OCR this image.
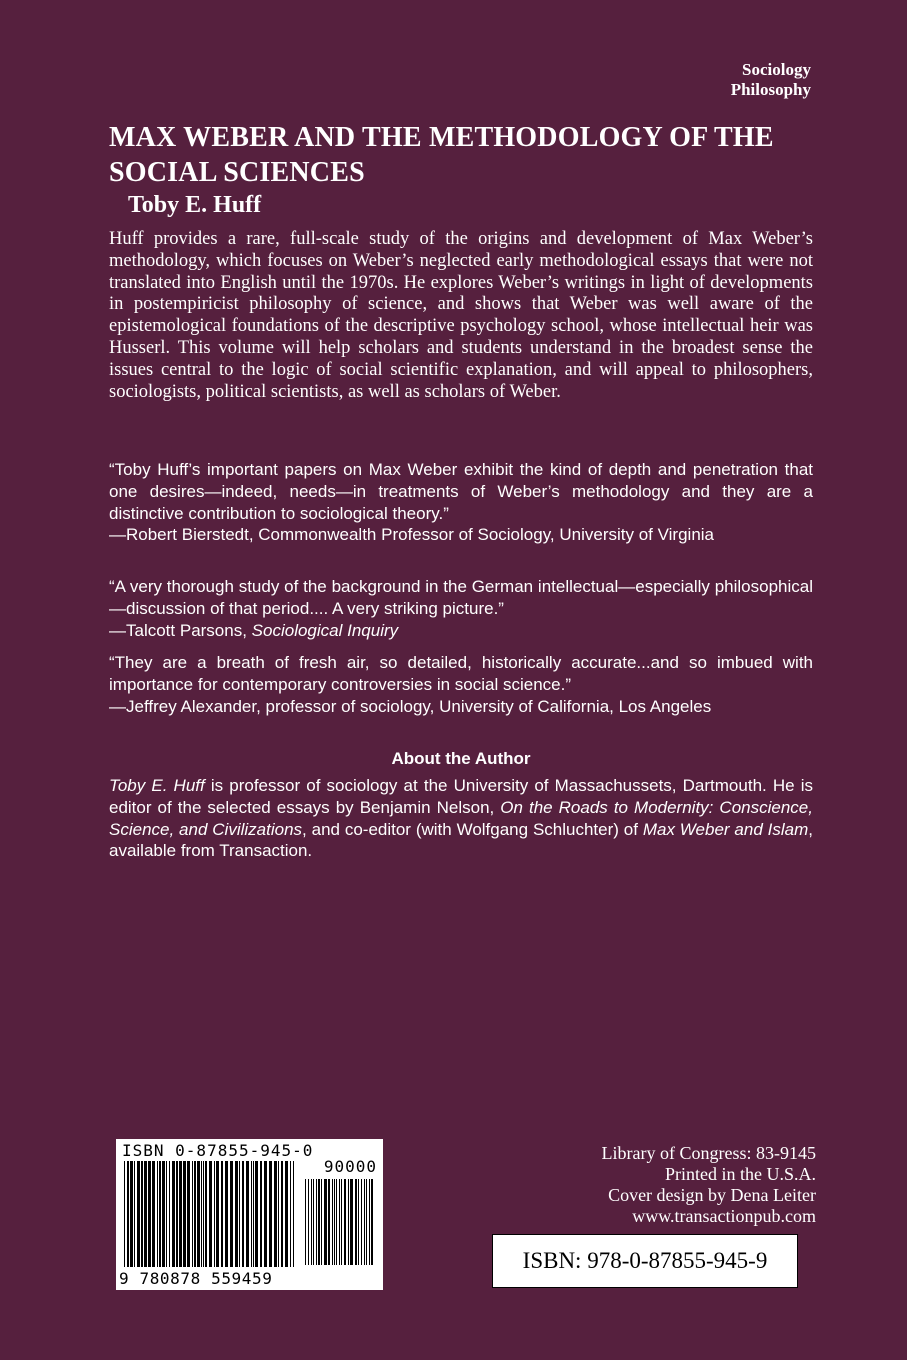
Sociology
Philosophy
MAX WEBER AND THE METHODOLOGY OF THE SOCIAL SCIENCES
Toby E. Huff

Huff provides a rare, full-scale study of the origins and development of Max Weber’s methodology, which focuses on Weber’s neglected early methodological essays that were not translated into English until the 1970s. He explores Weber’s writings in light of developments in postempiricist philosophy of science, and shows that Weber was well aware of the epistemological foundations of the descriptive psychology school, whose intellectual heir was Husserl. This volume will help scholars and students understand in the broadest sense the issues central to the logic of social scientific explanation, and will appeal to philosophers, sociologists, political scientists, as well as scholars of Weber.

“Toby Huff’s important papers on Max Weber exhibit the kind of depth and penetration that one desires—indeed, needs—in treatments of Weber’s methodology and they are a distinctive contribution to sociological theory.”
—Robert Bierstedt, Commonwealth Professor of Sociology, University of Virginia

“A very thorough study of the background in the German intellectual—especially philosophical—discussion of that period.... A very striking picture.”
—Talcott Parsons, Sociological Inquiry

“They are a breath of fresh air, so detailed, historically accurate...and so imbued with importance for contemporary controversies in social science.”
—Jeffrey Alexander, professor of sociology, University of California, Los Angeles

About the Author

Toby E. Huff is professor of sociology at the University of Massachussets, Dartmouth. He is editor of the selected essays by Benjamin Nelson, On the Roads to Modernity: Conscience, Science, and Civilizations, and co-editor (with Wolfgang Schluchter) of Max Weber and Islam, available from Transaction.

ISBN 0-87855-945-0
90000
9 780878 559459
Library of Congress: 83-9145
Printed in the U.S.A.
Cover design by Dena Leiter
www.transactionpub.com
ISBN: 978-0-87855-945-9
